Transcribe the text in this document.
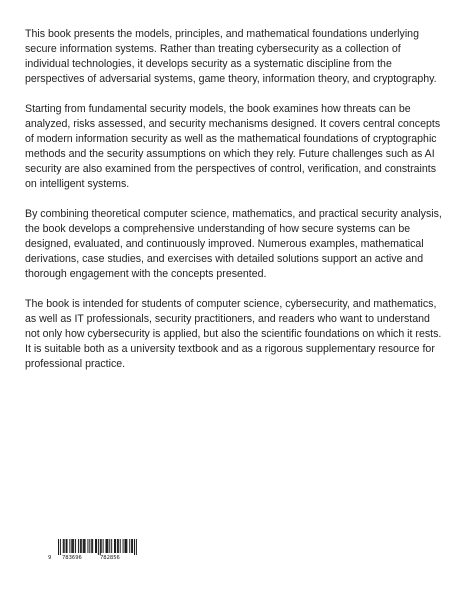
This book presents the models, principles, and mathematical foundations underlying secure information systems. Rather than treating cybersecurity as a collection of individual technologies, it develops security as a systematic discipline from the perspectives of adversarial systems, game theory, information theory, and cryptography.

Starting from fundamental security models, the book examines how threats can be analyzed, risks assessed, and security mechanisms designed. It covers central concepts of modern information security as well as the mathematical foundations of cryptographic methods and the security assumptions on which they rely. Future challenges such as AI security are also examined from the perspectives of control, verification, and constraints on intelligent systems.

By combining theoretical computer science, mathematics, and practical security analysis, the book develops a comprehensive understanding of how secure systems can be designed, evaluated, and continuously improved. Numerous examples, mathematical derivations, case studies, and exercises with detailed solutions support an active and thorough engagement with the concepts presented.

The book is intended for students of computer science, cybersecurity, and mathematics, as well as IT professionals, security practitioners, and readers who want to understand not only how cybersecurity is applied, but also the scientific foundations on which it rests. It is suitable both as a university textbook and as a rigorous supplementary resource for professional practice.

9 783696	782856
